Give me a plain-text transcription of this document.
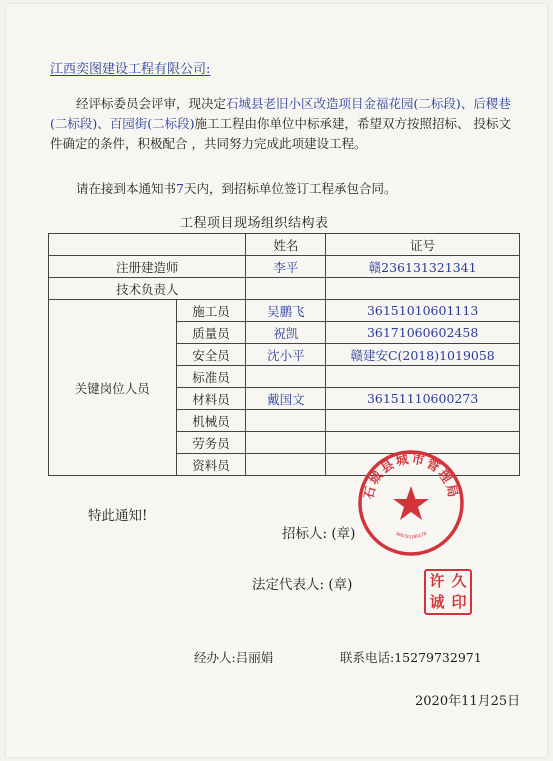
江西奕图建设工程有限公司:
经评标委员会评审，现决定石城县老旧小区改造项目金福花园(二标段)、后稷巷(二标段)、百园街(二标段)施工工程由你单位中标承建，希望双方按照招标、 投标文件确定的条件，积极配合 ，共同努力完成此项建设工程。
请在接到本通知书7天内，到招标单位签订工程承包合同。
工程项目现场组织结构表
		姓名	证号
注册建造师		李平	赣236131321341
技术负责人			
关键岗位人员	施工员	吴鹏飞	36151010601113
	质量员	祝凯	36171060602458
	安全员	沈小平	赣建安C(2018)1019058
	标准员		
	材料员	戴国文	36151110600273
	机械员		
	劳务员		
	资料员		
特此通知!
招标人: (章)
法定代表人: (章)
石城县城市管理局
360735100178
许 久
诚 印
经办人:吕丽娟	联系电话:15279732971
2020年11月25日
